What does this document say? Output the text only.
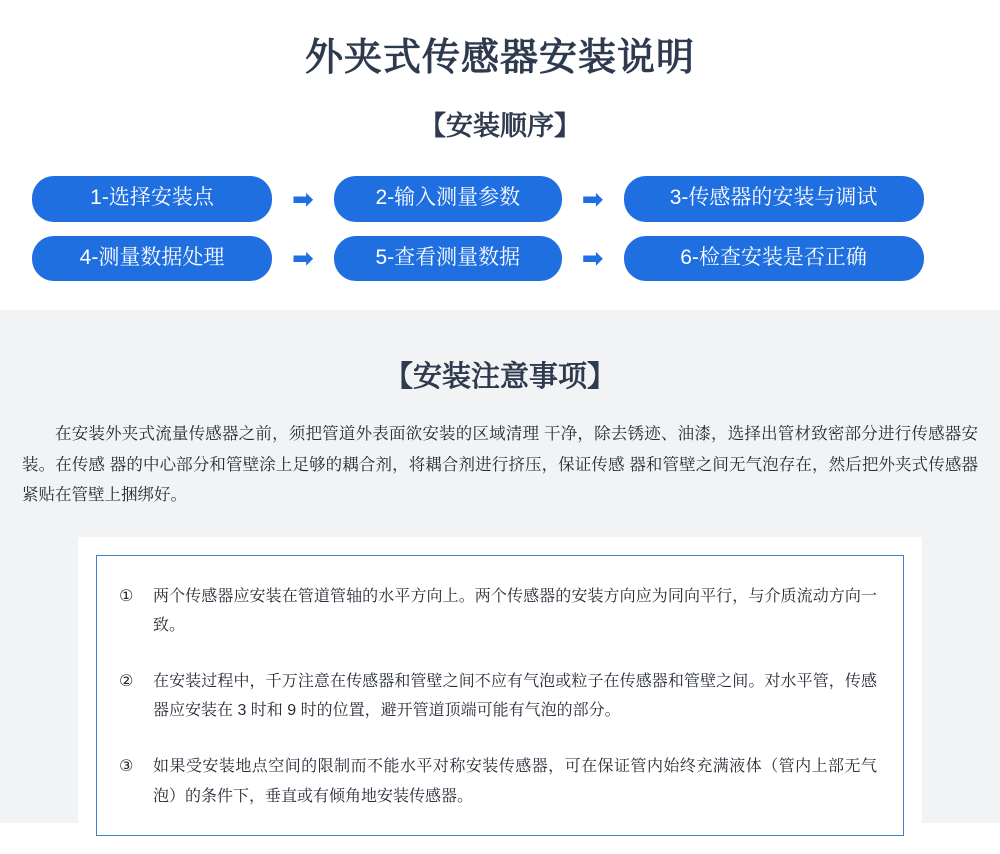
外夹式传感器安装说明
【安装顺序】
1-选择安装点	➡	2-输入测量参数	➡	3-传感器的安装与调试
4-测量数据处理	➡	5-查看测量数据	➡	6-检查安装是否正确
【安装注意事项】

在安装外夹式流量传感器之前，须把管道外表面欲安装的区域清理 干净，除去锈迹、油漆，选择出管材致密部分进行传感器安装。在传感 器的中心部分和管壁涂上足够的耦合剂，将耦合剂进行挤压，保证传感 器和管壁之间无气泡存在，然后把外夹式传感器紧贴在管壁上捆绑好。

①	两个传感器应安装在管道管轴的水平方向上。两个传感器的安装方向应为同向平行，与介质流动方向一致。
②	在安装过程中，千万注意在传感器和管壁之间不应有气泡或粒子在传感器和管壁之间。对水平管，传感器应安装在 3 时和 9 时的位置，避开管道顶端可能有气泡的部分。
③	如果受安装地点空间的限制而不能水平对称安装传感器，可在保证管内始终充满液体（管内上部无气泡）的条件下，垂直或有倾角地安装传感器。
